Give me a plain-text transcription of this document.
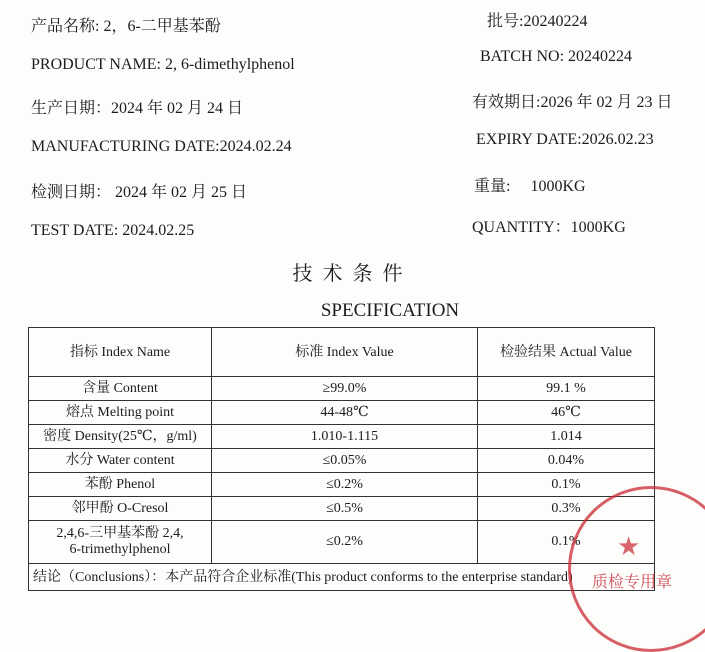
产品名称: 2，6-二甲基苯酚
PRODUCT NAME: 2, 6-dimethylphenol
生产日期：2024 年 02 月 24 日
MANUFACTURING DATE:2024.02.24
检测日期： 2024 年 02 月 25 日
TEST DATE: 2024.02.25
批号:20240224
BATCH NO: 20240224
有效期日:2026 年 02 月 23 日
EXPIRY DATE:2026.02.23
重量:     1000KG
QUANTITY：1000KG
技术条件
SPECIFICATION
指标 Index Name	标准 Index Value	检验结果 Actual Value
含量 Content	≥99.0%	99.1 %
熔点 Melting point	44-48℃	46℃
密度 Density(25℃，g/ml)	1.010-1.115	1.014
水分 Water content	≤0.05%	0.04%
苯酚 Phenol	≤0.2%	0.1%
邻甲酚 O-Cresol	≤0.5%	0.3%
2,4,6-三甲基苯酚 2,4,
6-trimethylphenol	≤0.2%	0.1%
结论（Conclusions）：本产品符合企业标准(This product conforms to the enterprise standard)		
★
质检专用章
